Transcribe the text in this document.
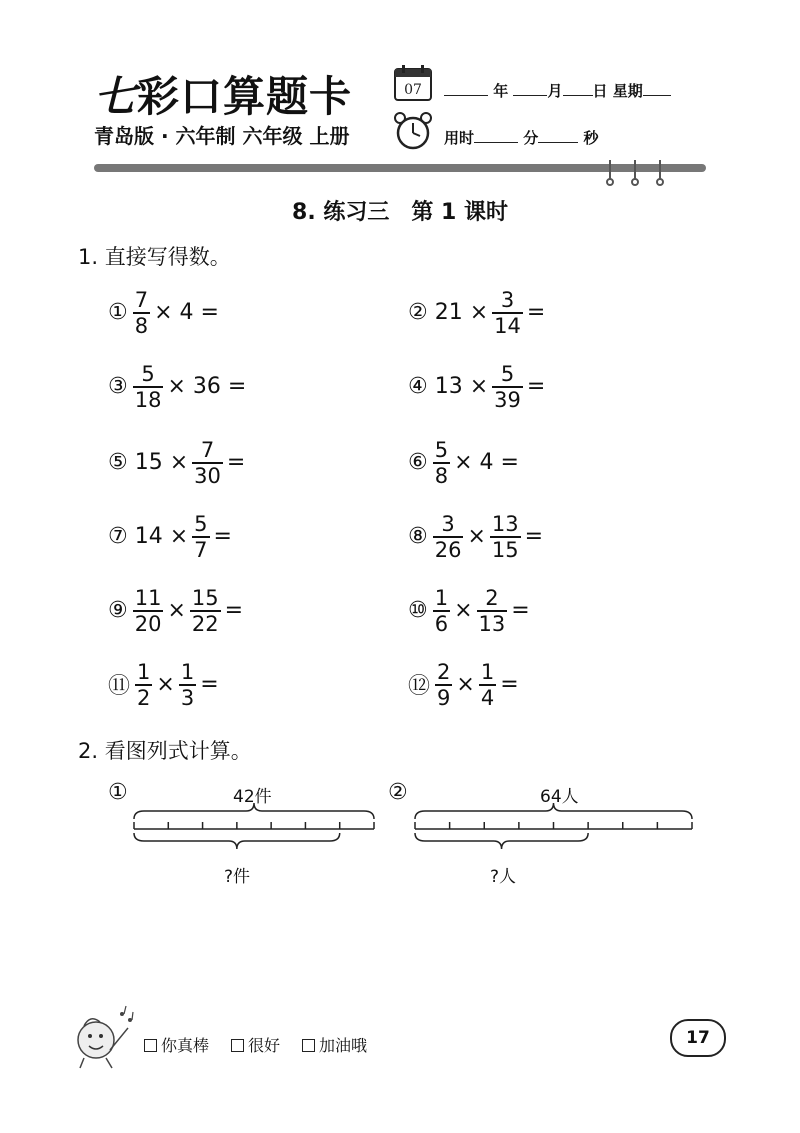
七彩口算题卡
青岛版 · 六年制 六年级 上册
07	年	月 日 星期
用时	分	秒
8. 练习三　第 1 课时
1. 直接写得数。
① $\frac{7}{8} \times 4$ =	② $21 \times \frac{3}{14}$ =
③ $\frac{5}{18} \times 36$ =	④ $13 \times \frac{5}{39}$ =
⑤ $15 \times \frac{7}{30}$ =	⑥ $\frac{5}{8} \times 4$ =
⑦ $14 \times \frac{5}{7}$ =	⑧ $\frac{3}{26} \times \frac{13}{15}$ =
⑨ $\frac{11}{20} \times \frac{15}{22}$ =	⑩ $\frac{1}{6} \times \frac{2}{13}$ =
⑪ $\frac{1}{2} \times \frac{1}{3}$ =	⑫ $\frac{2}{9} \times \frac{1}{4}$ =
2. 看图列式计算。
①	42件
?件
②	64人
?人
你真棒	很好	加油哦	17
